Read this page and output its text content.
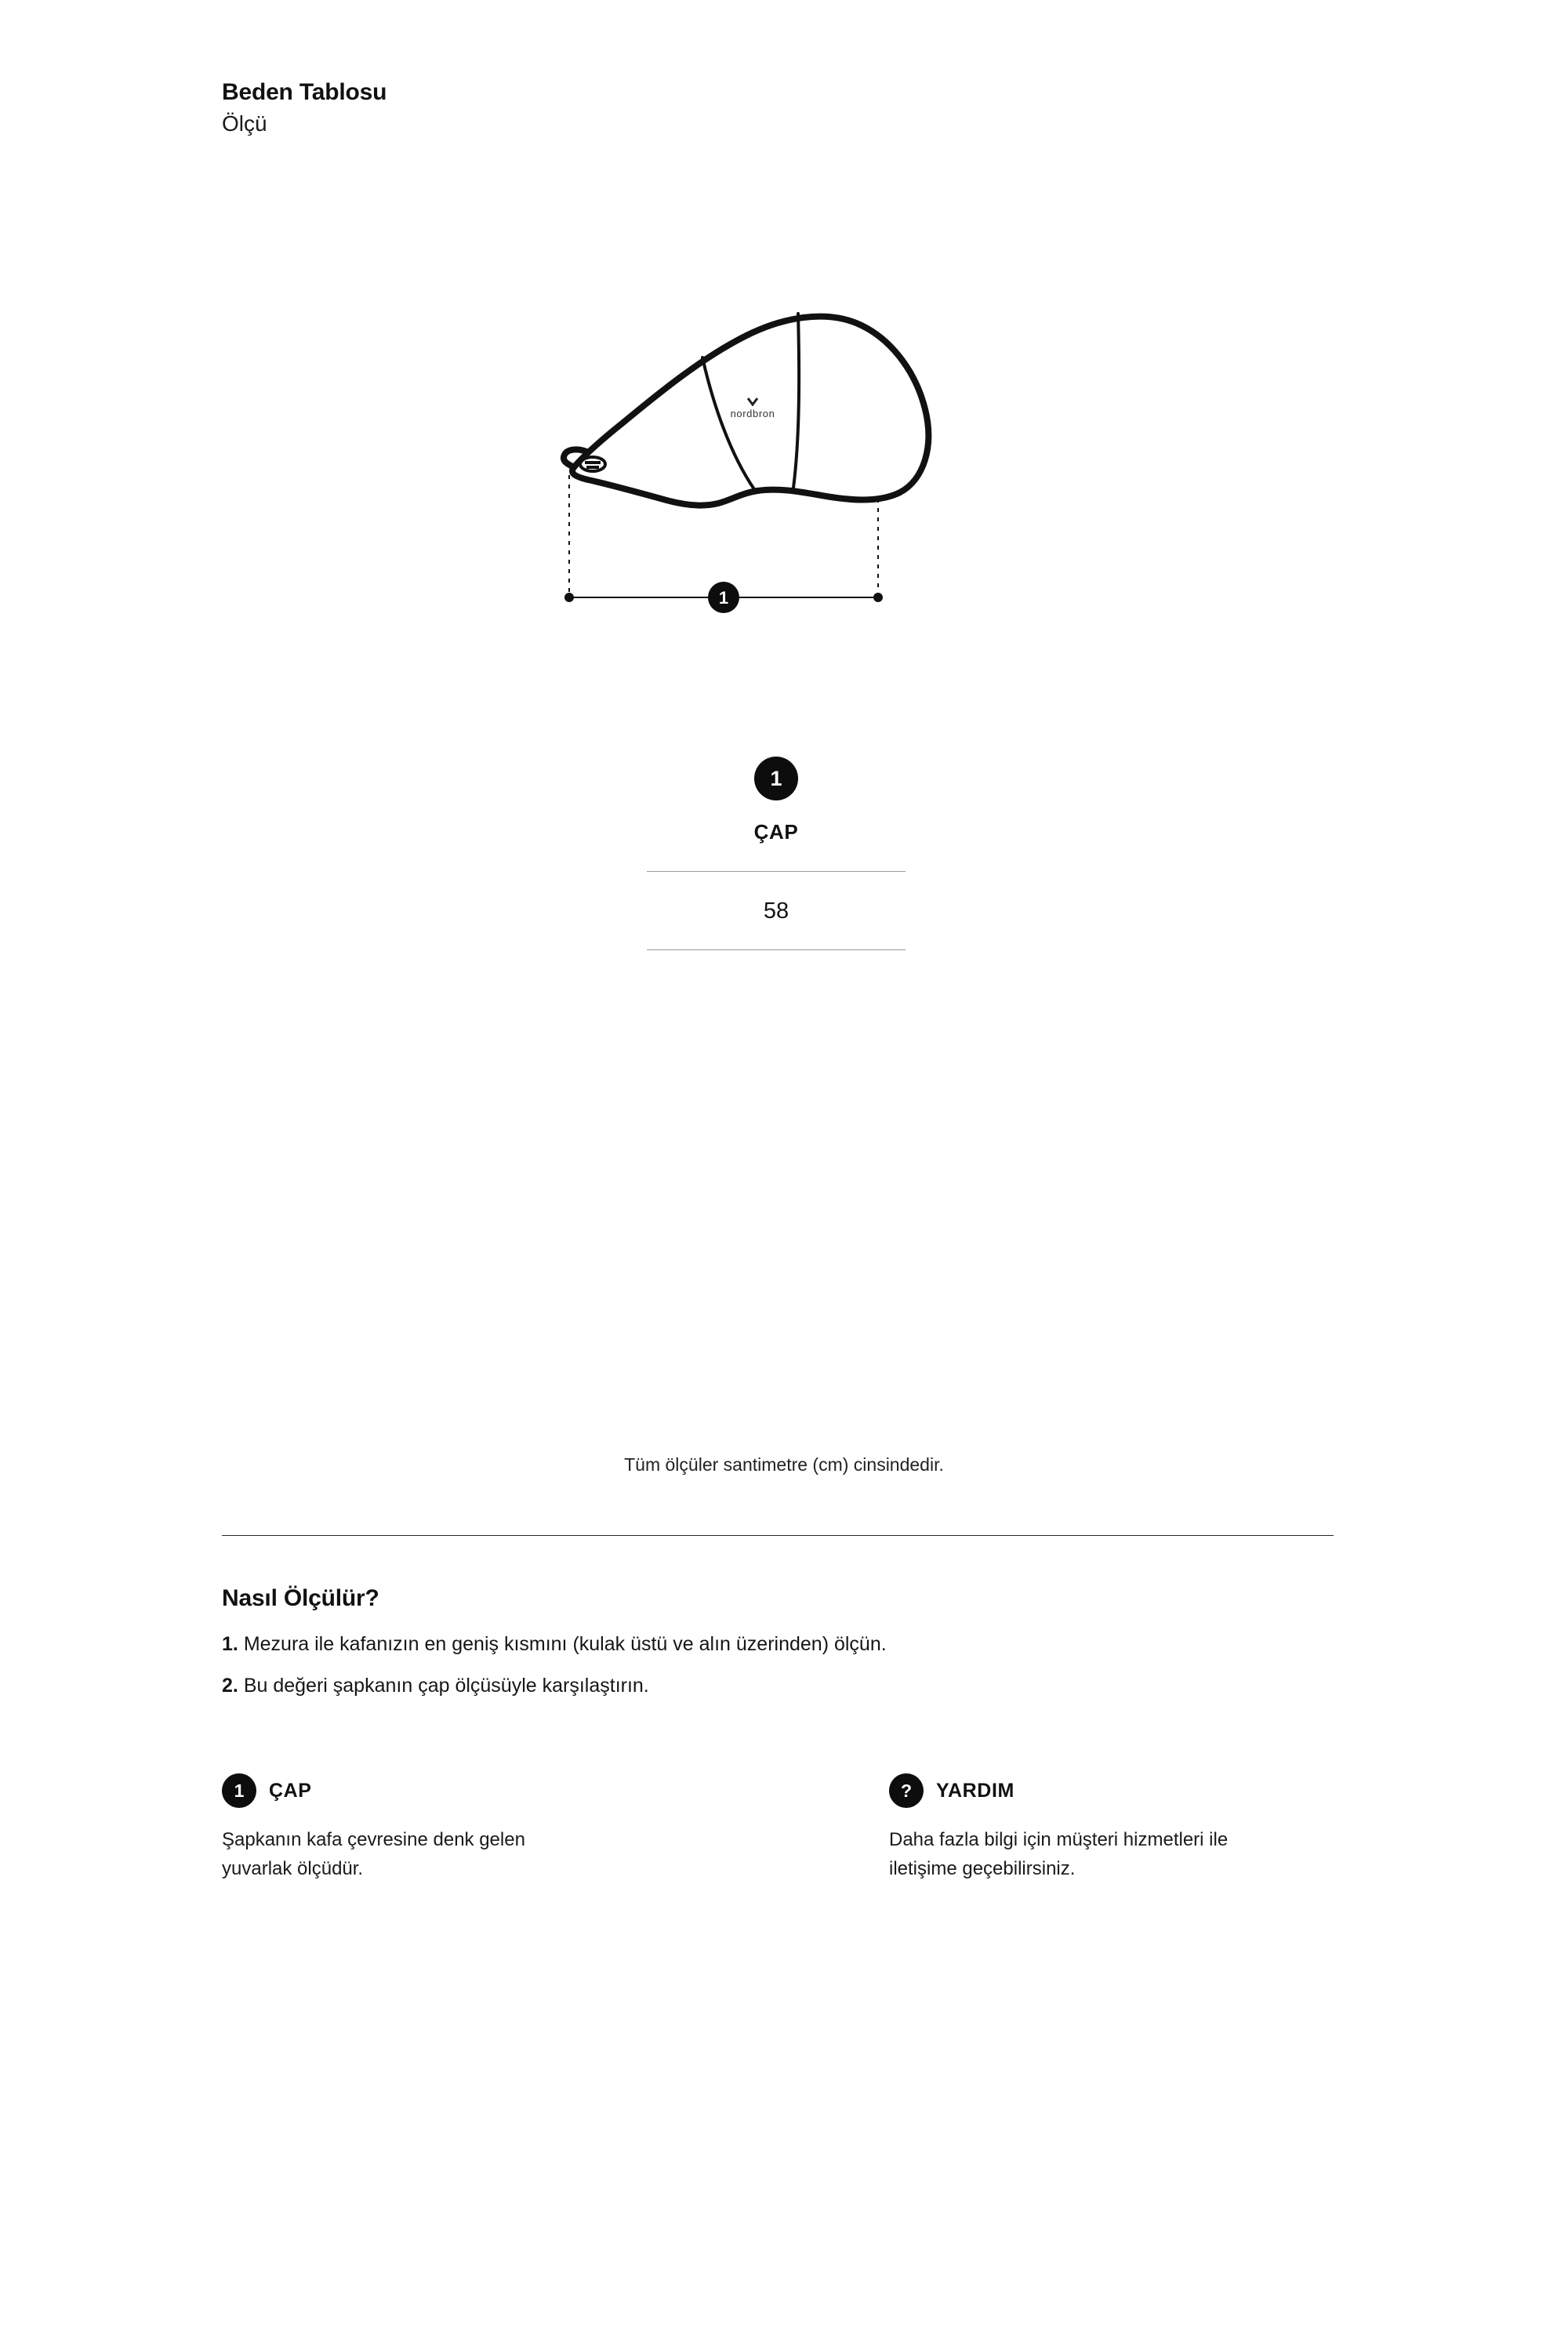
Beden Tablosu
Ölçü
nordbron
1
1
ÇAP
58
Tüm ölçüler santimetre (cm) cinsindedir.
Nasıl Ölçülür?

1. Mezura ile kafanızın en geniş kısmını (kulak üstü ve alın üzerinden) ölçün.

2. Bu değeri şapkanın çap ölçüsüyle karşılaştırın.

1	ÇAP
Şapkanın kafa çevresine denk gelen yuvarlak ölçüdür.
?	YARDIM
Daha fazla bilgi için müşteri hizmetleri ile iletişime geçebilirsiniz.
